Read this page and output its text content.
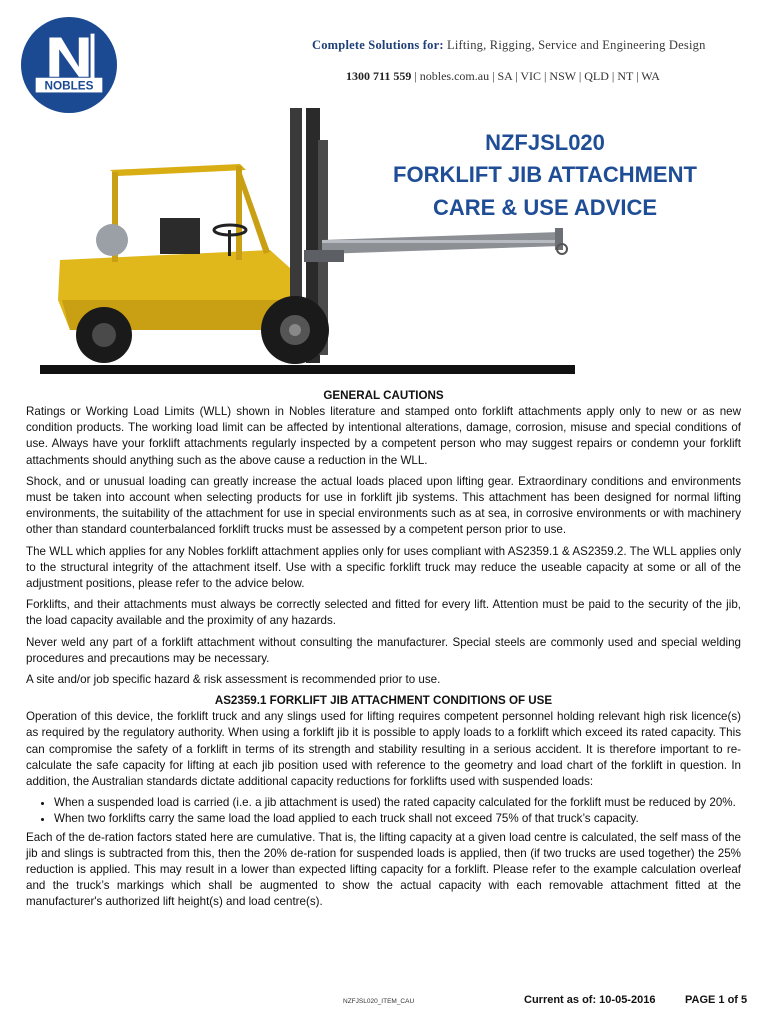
NOBLES
Complete Solutions for: Lifting, Rigging, Service and Engineering Design
1300 711 559 | nobles.com.au | SA | VIC | NSW | QLD | NT | WA
NZFJSL020
FORKLIFT JIB ATTACHMENT
CARE & USE ADVICE
GENERAL CAUTIONS

Ratings or Working Load Limits (WLL) shown in Nobles literature and stamped onto forklift attachments apply only to new or as new condition products. The working load limit can be affected by intentional alterations, damage, corrosion, misuse and special conditions of use. Always have your forklift attachments regularly inspected by a competent person who may suggest repairs or condemn your forklift attachments should anything such as the above cause a reduction in the WLL.

Shock, and or unusual loading can greatly increase the actual loads placed upon lifting gear. Extraordinary conditions and environments must be taken into account when selecting products for use in forklift jib systems. This attachment has been designed for normal lifting environments, the suitability of the attachment for use in special environments such as at sea, in corrosive environments or with machinery other than standard counterbalanced forklift trucks must be assessed by a competent person prior to use.

The WLL which applies for any Nobles forklift attachment applies only for uses compliant with AS2359.1 & AS2359.2. The WLL applies only to the structural integrity of the attachment itself. Use with a specific forklift truck may reduce the useable capacity at some or all of the adjustment positions, please refer to the advice below.

Forklifts, and their attachments must always be correctly selected and fitted for every lift. Attention must be paid to the security of the jib, the load capacity available and the proximity of any hazards.

Never weld any part of a forklift attachment without consulting the manufacturer. Special steels are commonly used and special welding procedures and precautions may be necessary.

A site and/or job specific hazard & risk assessment is recommended prior to use.

AS2359.1 FORKLIFT JIB ATTACHMENT CONDITIONS OF USE

Operation of this device, the forklift truck and any slings used for lifting requires competent personnel holding relevant high risk licence(s) as required by the regulatory authority. When using a forklift jib it is possible to apply loads to a forklift which exceed its rated capacity. This can compromise the safety of a forklift in terms of its strength and stability resulting in a serious accident. It is therefore important to re-calculate the safe capacity for lifting at each jib position used with reference to the geometry and load chart of the forklift in question. In addition, the Australian standards dictate additional capacity reductions for forklifts used with suspended loads:

• When a suspended load is carried (i.e. a jib attachment is used) the rated capacity calculated for the forklift must be reduced by 20%.
• When two forklifts carry the same load the load applied to each truck shall not exceed 75% of that truck’s capacity.

Each of the de-ration factors stated here are cumulative. That is, the lifting capacity at a given load centre is calculated, the self mass of the jib and slings is subtracted from this, then the 20% de-ration for suspended loads is applied, then (if two trucks are used together) the 25% reduction is applied. This may result in a lower than expected lifting capacity for a forklift. Please refer to the example calculation overleaf and the truck’s markings which shall be augmented to show the actual capacity with each removable attachment fitted at the manufacturer's authorized lift height(s) and load centre(s).

NZFJSL020_ITEM_CAU	Current as of: 10-05-2016	PAGE 1 of 5
